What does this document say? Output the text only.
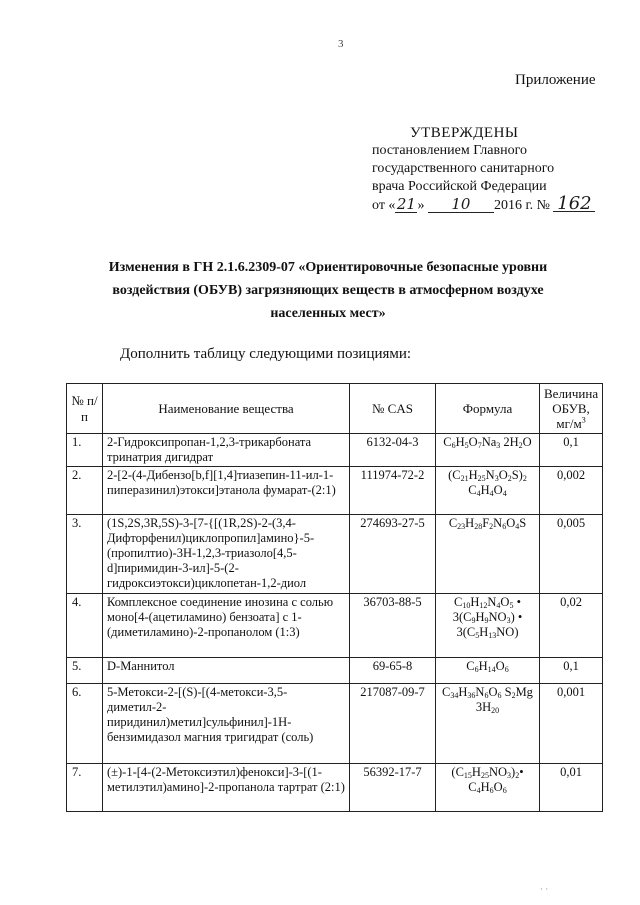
3
Приложение
УТВЕРЖДЕНЫ
постановлением Главного
государственного санитарного
врача Российской Федерации
от «21» 10 2016 г. № 162
Изменения в ГН 2.1.6.2309-07 «Ориентировочные безопасные уровни воздействия (ОБУВ) загрязняющих веществ в атмосферном воздухе населенных мест»
Дополнить таблицу следующими позициями:
№ п/п	Наименование вещества	№ CAS	Формула	Величина
ОБУВ,
$мг/м^3$

1.	2-Гидроксипропан-1,2,3-трикарбоната тринатрия дигидрат	6132-04-3	$C_6H_5O_7Na_3$ $2H_2O$	0,1
2.	2-[2-(4-Дибензо[b,f][1,4]тиазепин-11-ил-1-пиперазинил)этокси]этанола фумарат-(2:1)	111974-72-2	$(C_{21}H_{25}N_3O_2S)_2$ $C_4H_4O_4$	0,002
3.	(1S,2S,3R,5S)-3-[7-{[(1R,2S)-2-(3,4-Дифторфенил)циклопропил]амино}-5-(пропилтио)-3H-1,2,3-триазоло[4,5-d]пиримидин-3-ил]-5-(2-гидроксиэтокси)циклопетан-1,2-диол	274693-27-5	$C_{23}H_{28}F_2N_6O_4S$	0,005
4.	Комплексное соединение инозина с солью моно[4-(ацетиламино) бензоата] с 1-(диметиламино)-2-пропанолом (1:3)	36703-88-5	$C_{10}H_{12}N_4O_5$ • $3(C_9H_9NO_3)$ • $3(C_5H_{13}NO)$	0,02
5.	D-Маннитол	69-65-8	$C_6H_{14}O_6$	0,1
6.	5-Метокси-2-[(S)-[(4-метокси-3,5-диметил-2-пиридинил)метил]сульфинил]-1H-бензимидазол магния тригидрат (соль)	217087-09-7	$C_{34}H_{36}N_6O_6$ $S_2Mg$ $3H_{20}$	0,001
7.	(±)-1-[4-(2-Метоксиэтил)фенокси]-3-[(1-метилэтил)амино]-2-пропанола тартрат (2:1)	56392-17-7	$(C_{15}H_{25}NO_3)_2•$ $C_4H_6O_6$	0,01
· ·
